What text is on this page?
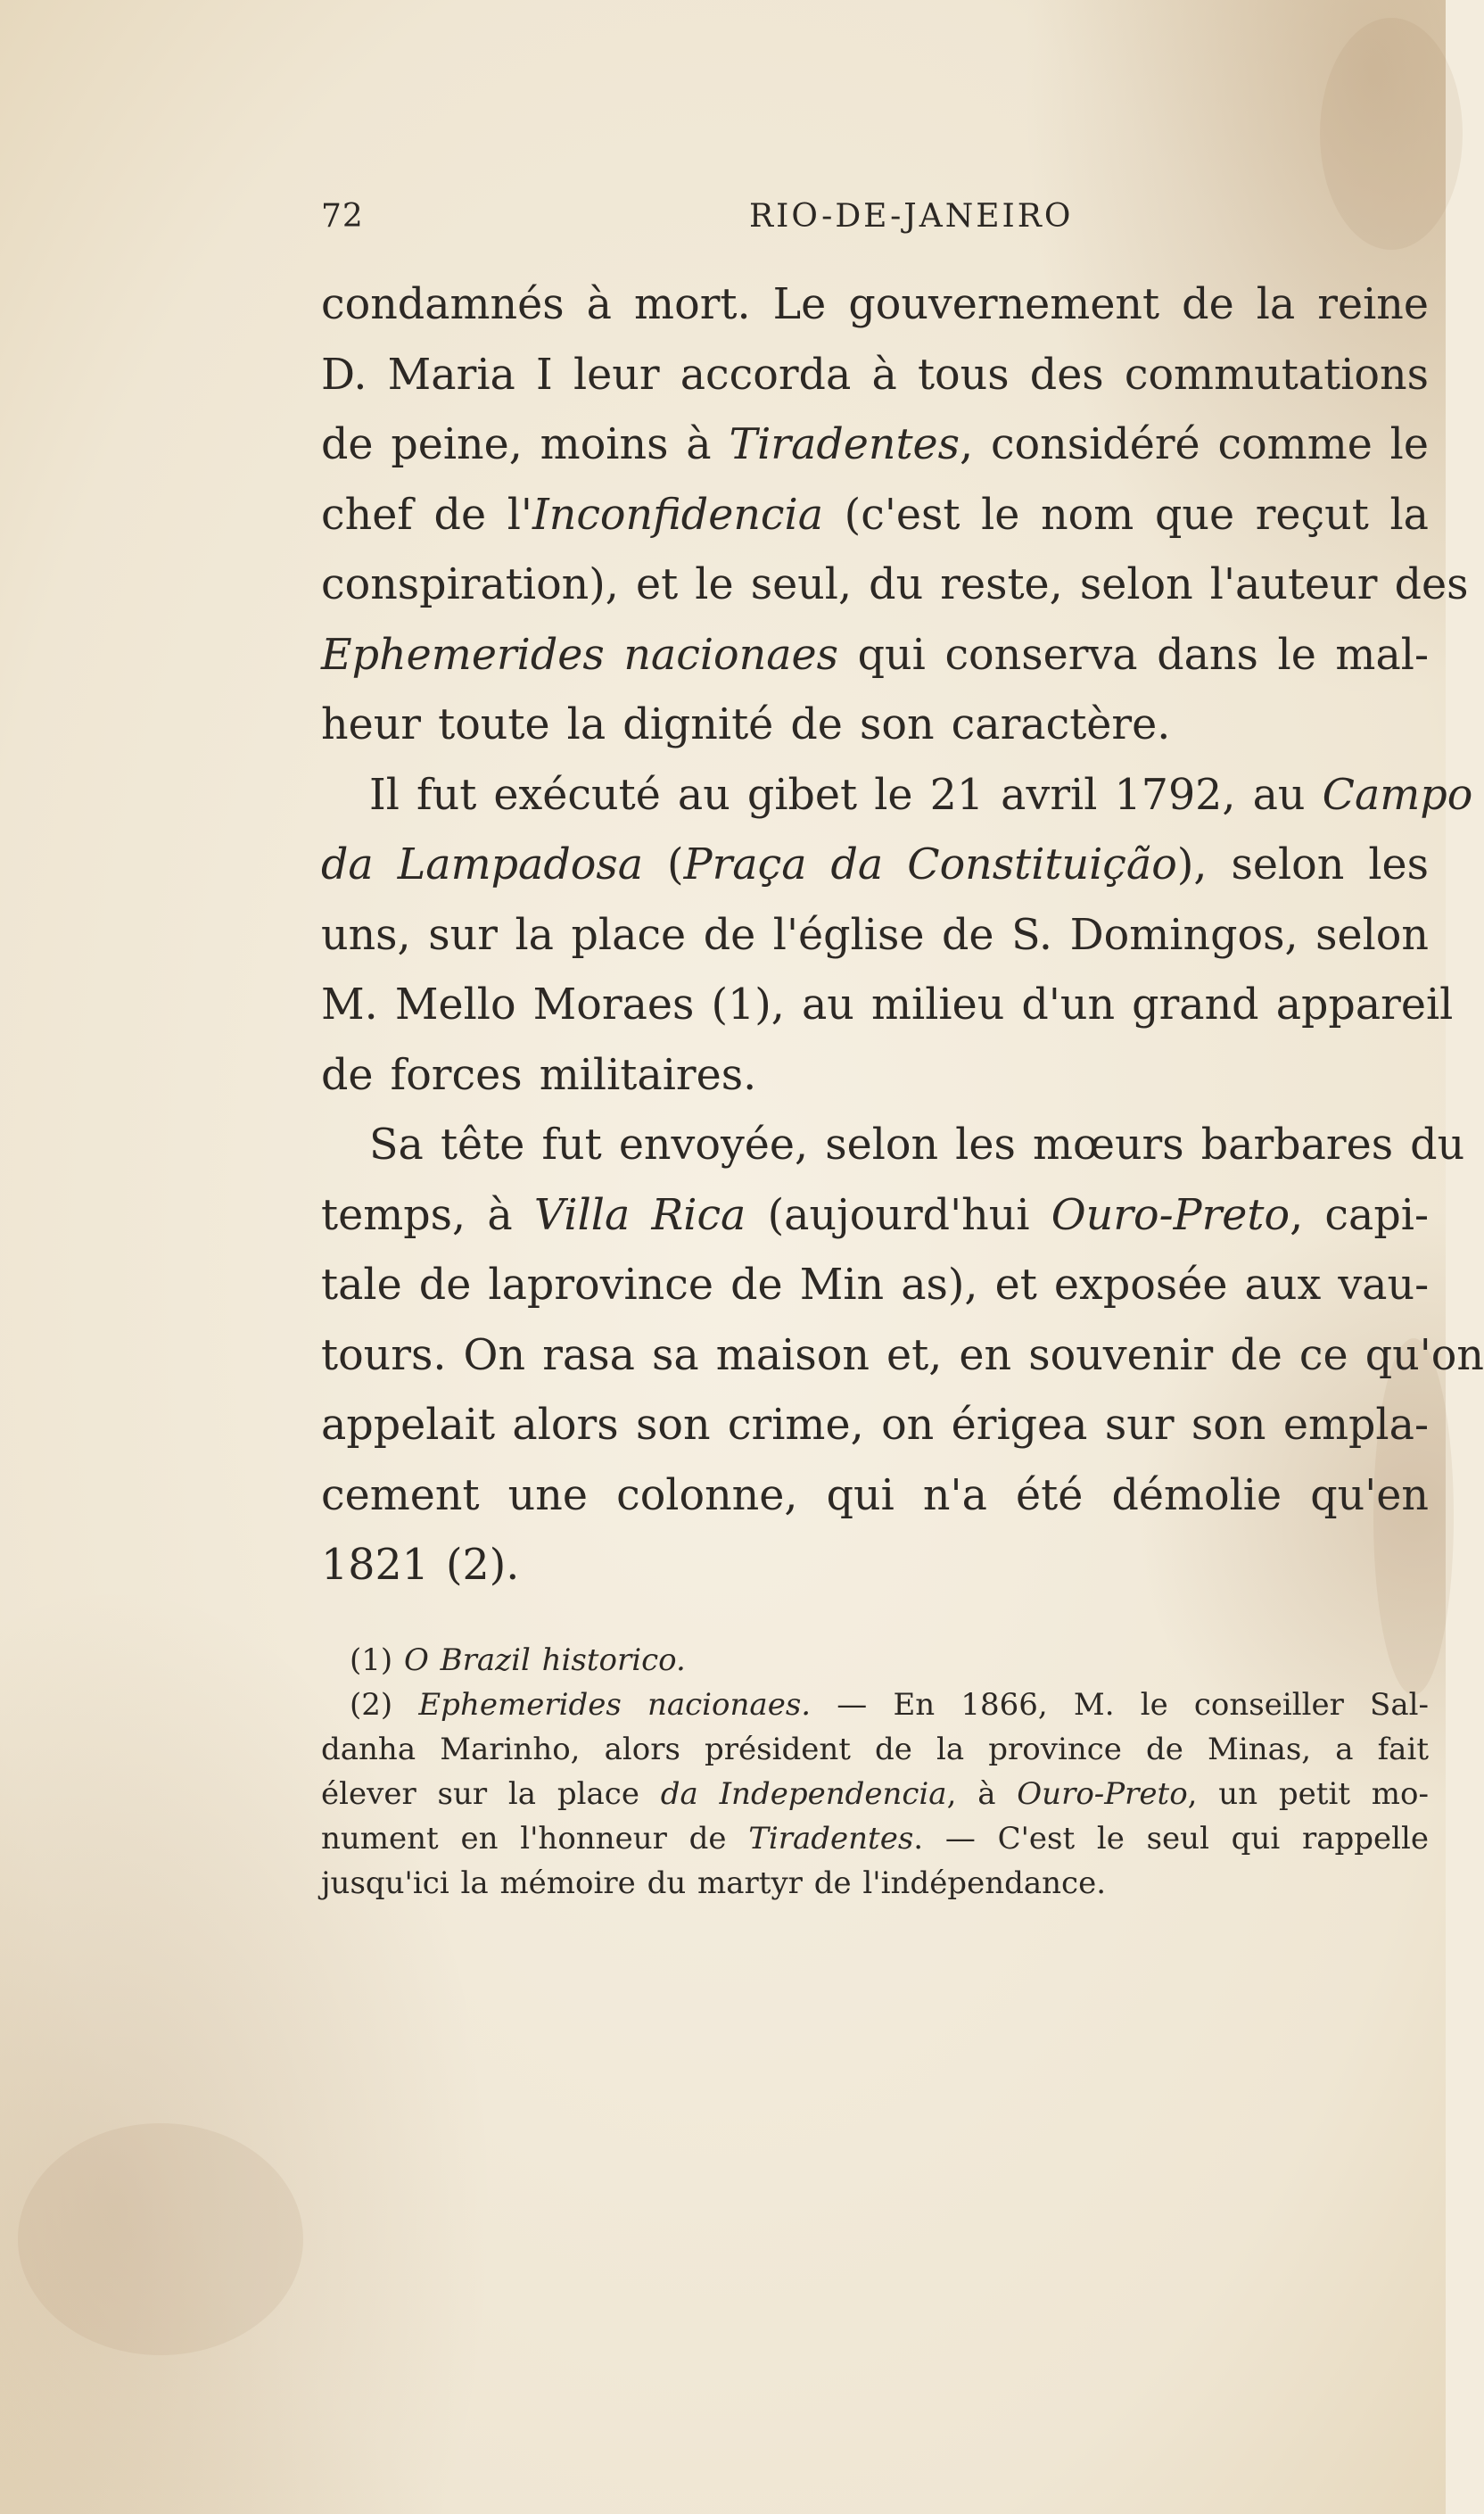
72	RIO-DE-JANEIRO
condamnés à mort. Le gouvernement de la reine
D. Maria I leur accorda à tous des commutations
de peine, moins à Tiradentes, considéré comme le
chef de l'Inconfidencia (c'est le nom que reçut la
conspiration), et le seul, du reste, selon l'auteur des
Ephemerides nacionaes qui conserva dans le mal-
heur toute la dignité de son caractère.
Il fut exécuté au gibet le 21 avril 1792, au Campo
da Lampadosa (Praça da Constituição), selon les
uns, sur la place de l'église de S. Domingos, selon
M. Mello Moraes (1), au milieu d'un grand appareil
de forces militaires.
Sa tête fut envoyée, selon les mœurs barbares du
temps, à Villa Rica (aujourd'hui Ouro-Preto, capi-
tale de laprovince de Min as), et exposée aux vau-
tours. On rasa sa maison et, en souvenir de ce qu'on
appelait alors son crime, on érigea sur son empla-
cement une colonne, qui n'a été démolie qu'en
1821 (2).
(1) O Brazil historico.
(2) Ephemerides nacionaes. — En 1866, M. le conseiller Sal-
danha Marinho, alors président de la province de Minas, a fait
élever sur la place da Independencia, à Ouro-Preto, un petit mo-
nument en l'honneur de Tiradentes. — C'est le seul qui rappelle
jusqu'ici la mémoire du martyr de l'indépendance.
